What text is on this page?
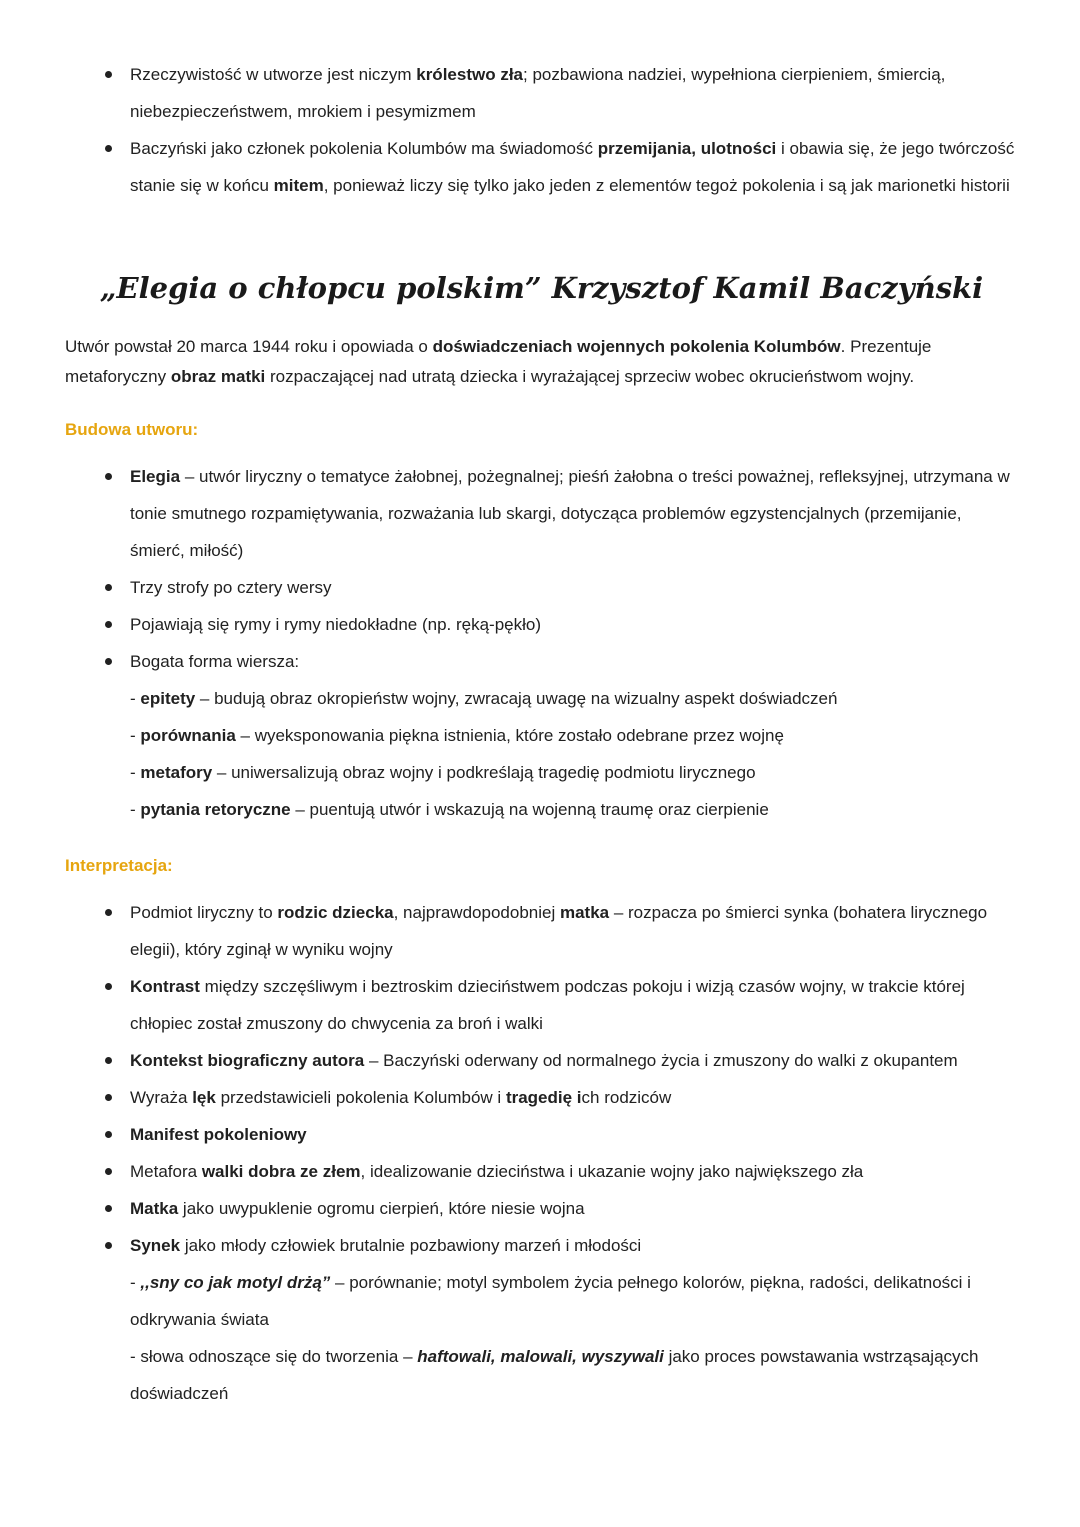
Rzeczywistość w utworze jest niczym królestwo zła; pozbawiona nadziei, wypełniona cierpieniem, śmiercią, niebezpieczeństwem, mrokiem i pesymizmem
Baczyński jako członek pokolenia Kolumbów ma świadomość przemijania, ulotności i obawia się, że jego twórczość stanie się w końcu mitem, ponieważ liczy się tylko jako jeden z elementów tegoż pokolenia i są jak marionetki historii
„Elegia o chłopcu polskim” Krzysztof Kamil Baczyński

Utwór powstał 20 marca 1944 roku i opowiada o doświadczeniach wojennych pokolenia Kolumbów. Prezentuje metaforyczny obraz matki rozpaczającej nad utratą dziecka i wyrażającej sprzeciw wobec okrucieństwom wojny.

Budowa utworu:
Elegia – utwór liryczny o tematyce żałobnej, pożegnalnej; pieśń żałobna o treści poważnej, refleksyjnej, utrzymana w tonie smutnego rozpamiętywania, rozważania lub skargi, dotycząca problemów egzystencjalnych (przemijanie, śmierć, miłość)
Trzy strofy po cztery wersy
Pojawiają się rymy i rymy niedokładne (np. ręką-pękło)
Bogata forma wiersza:
- epitety – budują obraz okropieństw wojny, zwracają uwagę na wizualny aspekt doświadczeń
- porównania – wyeksponowania piękna istnienia, które zostało odebrane przez wojnę
- metafory – uniwersalizują obraz wojny i podkreślają tragedię podmiotu lirycznego
- pytania retoryczne – puentują utwór i wskazują na wojenną traumę oraz cierpienie
Interpretacja:
Podmiot liryczny to rodzic dziecka, najprawdopodobniej matka – rozpacza po śmierci synka (bohatera lirycznego elegii), który zginął w wyniku wojny
Kontrast między szczęśliwym i beztroskim dzieciństwem podczas pokoju i wizją czasów wojny, w trakcie której chłopiec został zmuszony do chwycenia za broń i walki
Kontekst biograficzny autora – Baczyński oderwany od normalnego życia i zmuszony do walki z okupantem
Wyraża lęk przedstawicieli pokolenia Kolumbów i tragedię ich rodziców
Manifest pokoleniowy
Metafora walki dobra ze złem, idealizowanie dzieciństwa i ukazanie wojny jako największego zła
Matka jako uwypuklenie ogromu cierpień, które niesie wojna
Synek jako młody człowiek brutalnie pozbawiony marzeń i młodości
- ,,sny co jak motyl drżą” – porównanie; motyl symbolem życia pełnego kolorów, piękna, radości, delikatności i odkrywania świata
- słowa odnoszące się do tworzenia – haftowali, malowali, wyszywali jako proces powstawania wstrząsających doświadczeń
